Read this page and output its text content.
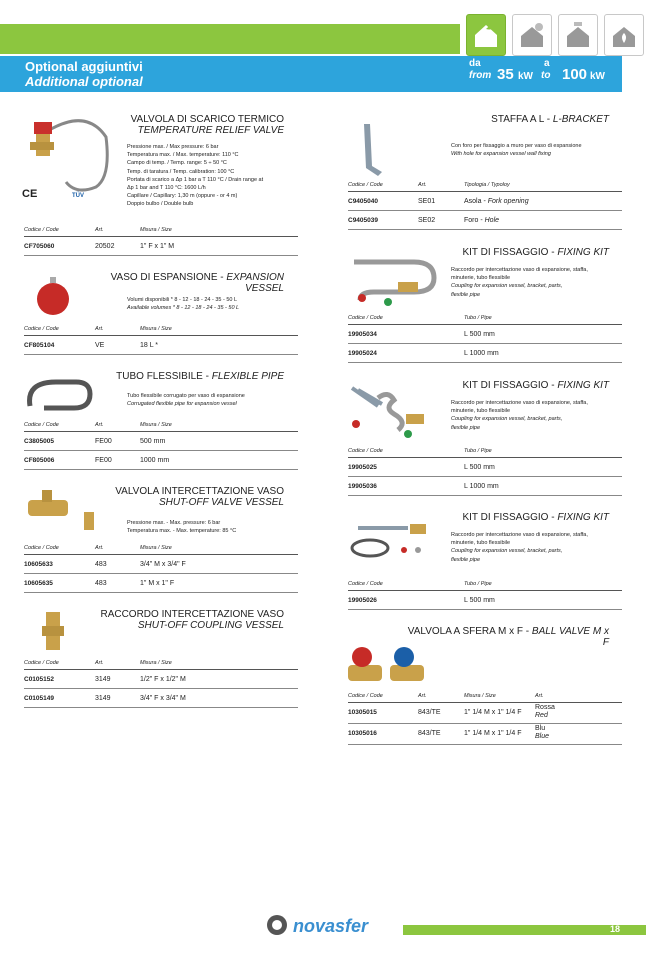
Optional aggiuntivi
Additional optional
da
from 35 kW
a
to 100 kW
CE	TÜV
VALVOLA DI SCARICO TERMICO
TEMPERATURE RELIEF VALVE
Pressione max. / Max pressure: 6 bar
Temperatura max. / Max. temperature: 110 °C
Campo di temp. / Temp. range: 5 ÷ 50 °C
Temp. di taratura / Temp. calibration: 100 °C
Portata di scarico a Δp 1 bar a T 110 °C / Drain range at
Δp 1 bar and T 110 °C: 1600 L/h
Capillare / Capillary: 1,30 m (oppure - or 4 m)
Doppio bulbo / Double bulb
Codice / Code	Art.	Misura / Size
CF705060	20502	1" F x 1" M
VASO DI ESPANSIONE - EXPANSION VESSEL
Volumi disponibili * 8 - 12 - 18 - 24 - 35 - 50 L
Available volumes * 8 - 12 - 18 - 24 - 35 - 50 L
Codice / Code	Art.	Misura / Size
CF805104	VE	18 L *
TUBO FLESSIBILE - FLEXIBLE PIPE
Tubo flessibile corrugato per vaso di espansione
Corrugated flexible pipe for expansion vessel
Codice / Code	Art.	Misura / Size
C3805005	FE00	500 mm
CF805006	FE00	1000 mm
VALVOLA INTERCETTAZIONE VASO
SHUT-OFF VALVE VESSEL
Pressione max. - Max. pressure: 6 bar
Temperatura max. - Max. temperature: 85 °C
Codice / Code	Art.	Misura / Size
10605633	483	3/4" M x 3/4" F
10605635	483	1" M x 1" F
RACCORDO INTERCETTAZIONE VASO
SHUT-OFF COUPLING VESSEL
Codice / Code	Art.	Misura / Size
C0105152	3149	1/2" F x 1/2" M
C0105149	3149	3/4" F x 3/4" M
STAFFA A L - L-BRACKET
Con foro per fissaggio a muro per vaso di espansione
With hole for expansion vessel wall fixing
Codice / Code	Art.	Tipologia / Typoloy
C9405040	SE01	Asola - Fork opening
C9405039	SE02	Foro - Hole
KIT DI FISSAGGIO - FIXING KIT
Raccordo per intercettazione vaso di espansione, staffa,
minuterie, tubo flessibile
Coupling for expansion vessel, bracket, parts,
flexible pipe
Codice / Code	Tubo / Pipe
19905034	L 500 mm
19905024	L 1000 mm
KIT DI FISSAGGIO - FIXING KIT
Raccordo per intercettazione vaso di espansione, staffa,
minuterie, tubo flessibile
Coupling for expansion vessel, bracket, parts,
flexible pipe
Codice / Code	Tubo / Pipe
19905025	L 500 mm
19905036	L 1000 mm
KIT DI FISSAGGIO - FIXING KIT
Raccordo per intercettazione vaso di espansione, staffa,
minuterie, tubo flessibile
Coupling for expansion vessel, bracket, parts,
flexible pipe
Codice / Code	Tubo / Pipe
19905026	L 500 mm
VALVOLA A SFERA M x F - BALL VALVE M x F
Codice / Code	Art.	Misura / Size	Art.
10305015	843/TE	1" 1/4 M x 1" 1/4 F
Rossa
Red
10305016	843/TE	1" 1/4 M x 1" 1/4 F
Blu
Blue
novasfer	18
